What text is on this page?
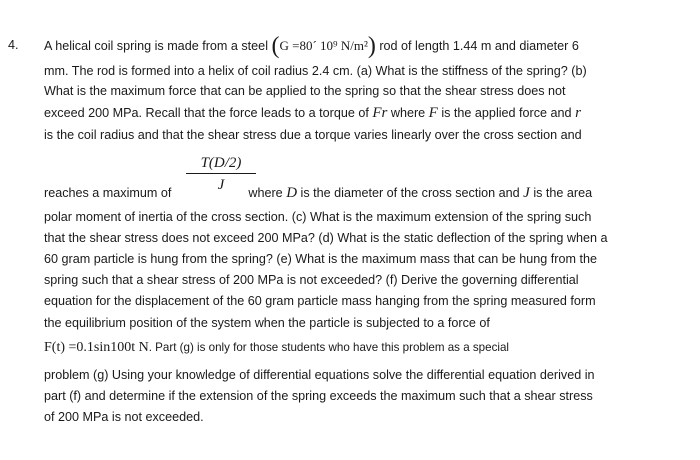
4. A helical coil spring is made from a steel (G =80´ 10⁹ N/m²) rod of length 1.44 m and diameter 6
mm. The rod is formed into a helix of coil radius 2.4 cm. (a) What is the stiffness of the spring? (b)
What is the maximum force that can be applied to the spring so that the shear stress does not
exceed 200 MPa. Recall that the force leads to a torque of Fr where F is the applied force and r
is the coil radius and that the shear stress due a torque varies linearly over the cross section and
$\frac{T(D/2)}{J}$
reaches a maximum of	where D is the diameter of the cross section and J is the area
polar moment of inertia of the cross section. (c) What is the maximum extension of the spring such
that the shear stress does not exceed 200 MPa? (d) What is the static deflection of the spring when a
60 gram particle is hung from the spring? (e) What is the maximum mass that can be hung from the
spring such that a shear stress of 200 MPa is not exceeded? (f) Derive the governing differential
equation for the displacement of the 60 gram particle mass hanging from the spring measured form
the equilibrium position of the system when the particle is subjected to a force of
F(t) =0.1sin100t N. Part (g) is only for those students who have this problem as a special
problem (g) Using your knowledge of differential equations solve the differential equation derived in
part (f) and determine if the extension of the spring exceeds the maximum such that a shear stress
of 200 MPa is not exceeded.
